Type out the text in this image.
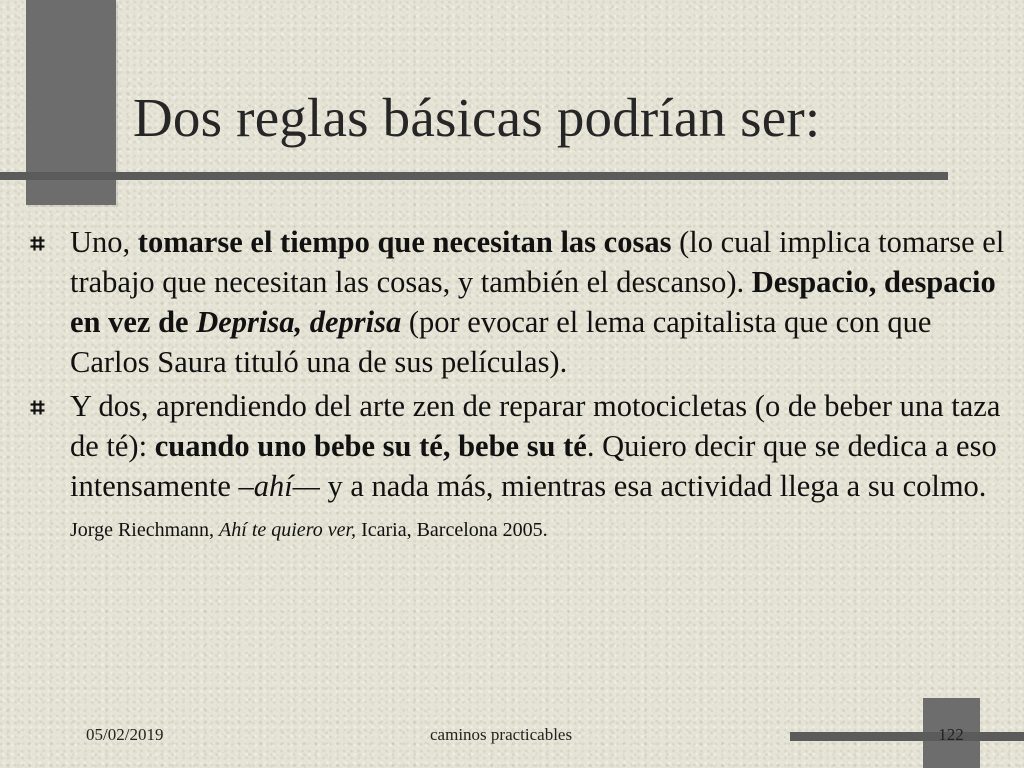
Dos reglas básicas podrían ser:
Uno, tomarse el tiempo que necesitan las cosas (lo cual implica tomarse el trabajo que necesitan las cosas, y también el descanso). Despacio, despacio en vez de Deprisa, deprisa (por evocar el lema capitalista que con que Carlos Saura tituló una de sus películas).
Y dos, aprendiendo del arte zen de reparar motocicletas (o de beber una taza de té): cuando uno bebe su té, bebe su té. Quiero decir que se dedica a eso intensamente –ahí— y a nada más, mientras esa actividad llega a su colmo. Jorge Riechmann, Ahí te quiero ver, Icaria, Barcelona 2005.
05/02/2019	caminos practicables	122
